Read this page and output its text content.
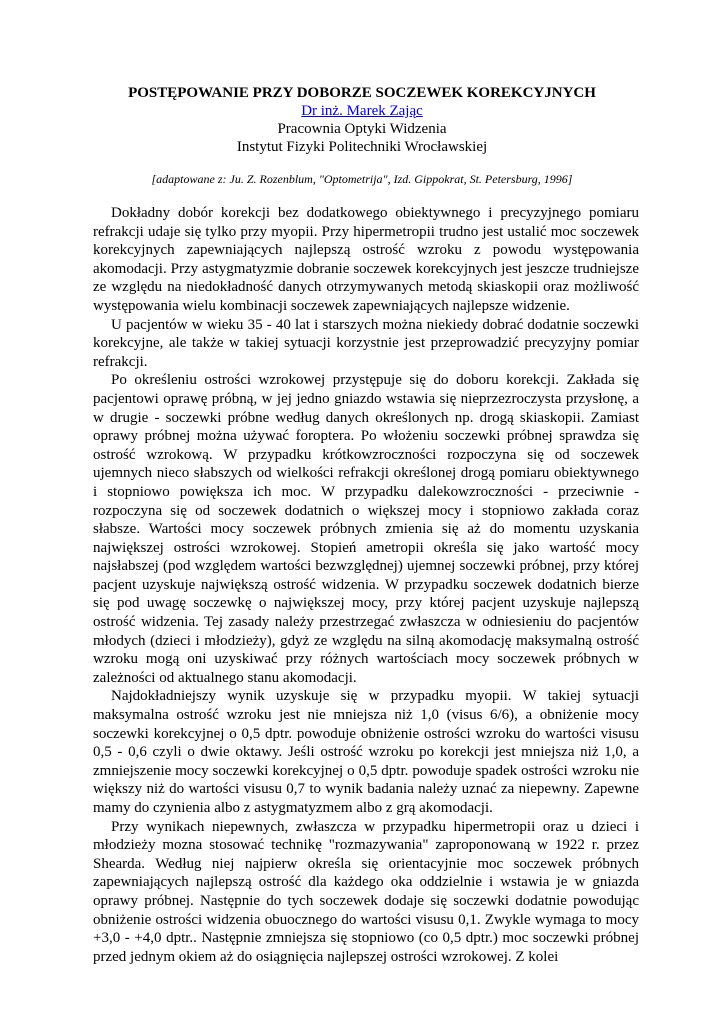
POSTĘPOWANIE PRZY DOBORZE SOCZEWEK KOREKCYJNYCH
Dr inż. Marek Zając
Pracownia Optyki Widzenia
Instytut Fizyki Politechniki Wrocławskiej
[adaptowane z: Ju. Z. Rozenblum, "Optometrija", Izd. Gippokrat, St. Petersburg, 1996]

Dokładny dobór korekcji bez dodatkowego obiektywnego i precyzyjnego pomiaru refrakcji udaje się tylko przy myopii. Przy hipermetropii trudno jest ustalić moc soczewek korekcyjnych zapewniających najlepszą ostrość wzroku z powodu występowania akomodacji. Przy astygmatyzmie dobranie soczewek korekcyjnych jest jeszcze trudniejsze ze względu na niedokładność danych otrzymywanych metodą skiaskopii oraz możliwość występowania wielu kombinacji soczewek zapewniających najlepsze widzenie.

U pacjentów w wieku 35 - 40 lat i starszych można niekiedy dobrać dodatnie soczewki korekcyjne, ale także w takiej sytuacji korzystnie jest przeprowadzić precyzyjny pomiar refrakcji.

Po określeniu ostrości wzrokowej przystępuje się do doboru korekcji. Zakłada się pacjentowi oprawę próbną, w jej jedno gniazdo wstawia się nieprzezroczysta przysłonę, a w drugie - soczewki próbne według danych określonych np. drogą skiaskopii. Zamiast oprawy próbnej można używać foroptera. Po włożeniu soczewki próbnej sprawdza się ostrość wzrokową. W przypadku krótkowzroczności rozpoczyna się od soczewek ujemnych nieco słabszych od wielkości refrakcji określonej drogą pomiaru obiektywnego i stopniowo powiększa ich moc. W przypadku dalekowzroczności - przeciwnie - rozpoczyna się od soczewek dodatnich o większej mocy i stopniowo zakłada coraz słabsze. Wartości mocy soczewek próbnych zmienia się aż do momentu uzyskania największej ostrości wzrokowej. Stopień ametropii określa się jako wartość mocy najsłabszej (pod względem wartości bezwzględnej) ujemnej soczewki próbnej, przy której pacjent uzyskuje największą ostrość widzenia. W przypadku soczewek dodatnich bierze się pod uwagę soczewkę o największej mocy, przy której pacjent uzyskuje najlepszą ostrość widzenia. Tej zasady należy przestrzegać zwłaszcza w odniesieniu do pacjentów młodych (dzieci i młodzieży), gdyż ze względu na silną akomodację maksymalną ostrość wzroku mogą oni uzyskiwać przy różnych wartościach mocy soczewek próbnych w zależności od aktualnego stanu akomodacji.

Najdokładniejszy wynik uzyskuje się w przypadku myopii. W takiej sytuacji maksymalna ostrość wzroku jest nie mniejsza niż 1,0 (visus 6/6), a obniżenie mocy soczewki korekcyjnej o 0,5 dptr. powoduje obniżenie ostrości wzroku do wartości visusu 0,5 - 0,6 czyli o dwie oktawy. Jeśli ostrość wzroku po korekcji jest mniejsza niż 1,0, a zmniejszenie mocy soczewki korekcyjnej o 0,5 dptr. powoduje spadek ostrości wzroku nie większy niż do wartości visusu 0,7 to wynik badania należy uznać za niepewny. Zapewne mamy do czynienia albo z astygmatyzmem albo z grą akomodacji.

Przy wynikach niepewnych, zwłaszcza w przypadku hipermetropii oraz u dzieci i młodzieży mozna stosować technikę "rozmazywania" zaproponowaną w 1922 r. przez Shearda. Według niej najpierw określa się orientacyjnie moc soczewek próbnych zapewniających najlepszą ostrość dla każdego oka oddzielnie i wstawia je w gniazda oprawy próbnej. Następnie do tych soczewek dodaje się soczewki dodatnie powodując obniżenie ostrości widzenia obuocznego do wartości visusu 0,1. Zwykle wymaga to mocy +3,0 - +4,0 dptr.. Następnie zmniejsza się stopniowo (co 0,5 dptr.) moc soczewki próbnej przed jednym okiem aż do osiągnięcia najlepszej ostrości wzrokowej. Z kolei
